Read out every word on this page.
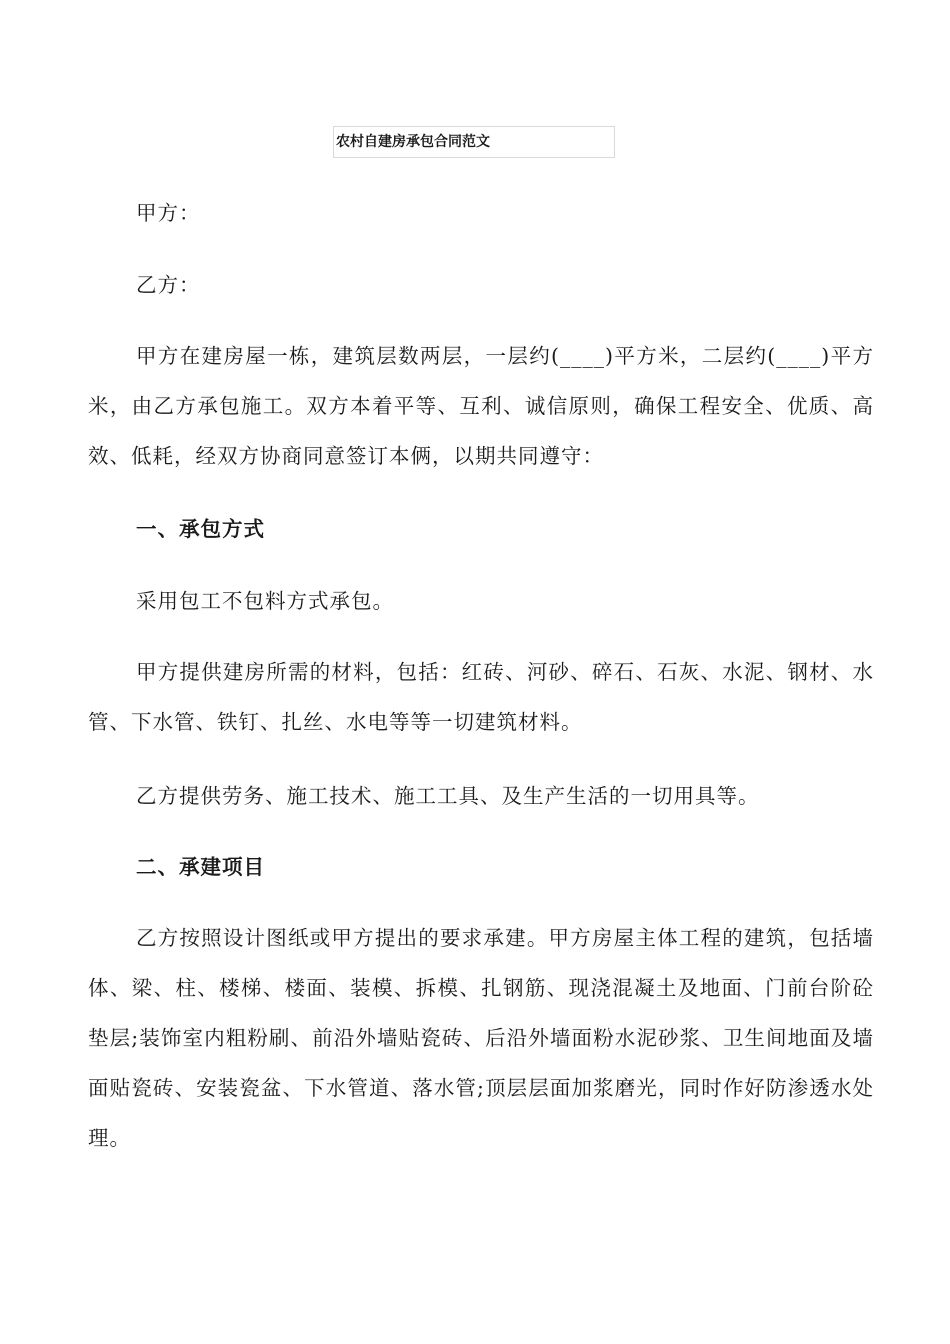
农村自建房承包合同范文

甲方：

乙方：

甲方在建房屋一栋，建筑层数两层，一层约(____)平方米，二层约(____)平方米，由乙方承包施工。双方本着平等、互利、诚信原则，确保工程安全、优质、高效、低耗，经双方协商同意签订本俩，以期共同遵守：

一、承包方式

采用包工不包料方式承包。

甲方提供建房所需的材料，包括：红砖、河砂、碎石、石灰、水泥、钢材、水管、下水管、铁钉、扎丝、水电等等一切建筑材料。

乙方提供劳务、施工技术、施工工具、及生产生活的一切用具等。

二、承建项目

乙方按照设计图纸或甲方提出的要求承建。甲方房屋主体工程的建筑，包括墙体、梁、柱、楼梯、楼面、装模、拆模、扎钢筋、现浇混凝土及地面、门前台阶砼垫层;装饰室内粗粉刷、前沿外墙贴瓷砖、后沿外墙面粉水泥砂浆、卫生间地面及墙面贴瓷砖、安装瓷盆、下水管道、落水管;顶层层面加浆磨光，同时作好防渗透水处理。
